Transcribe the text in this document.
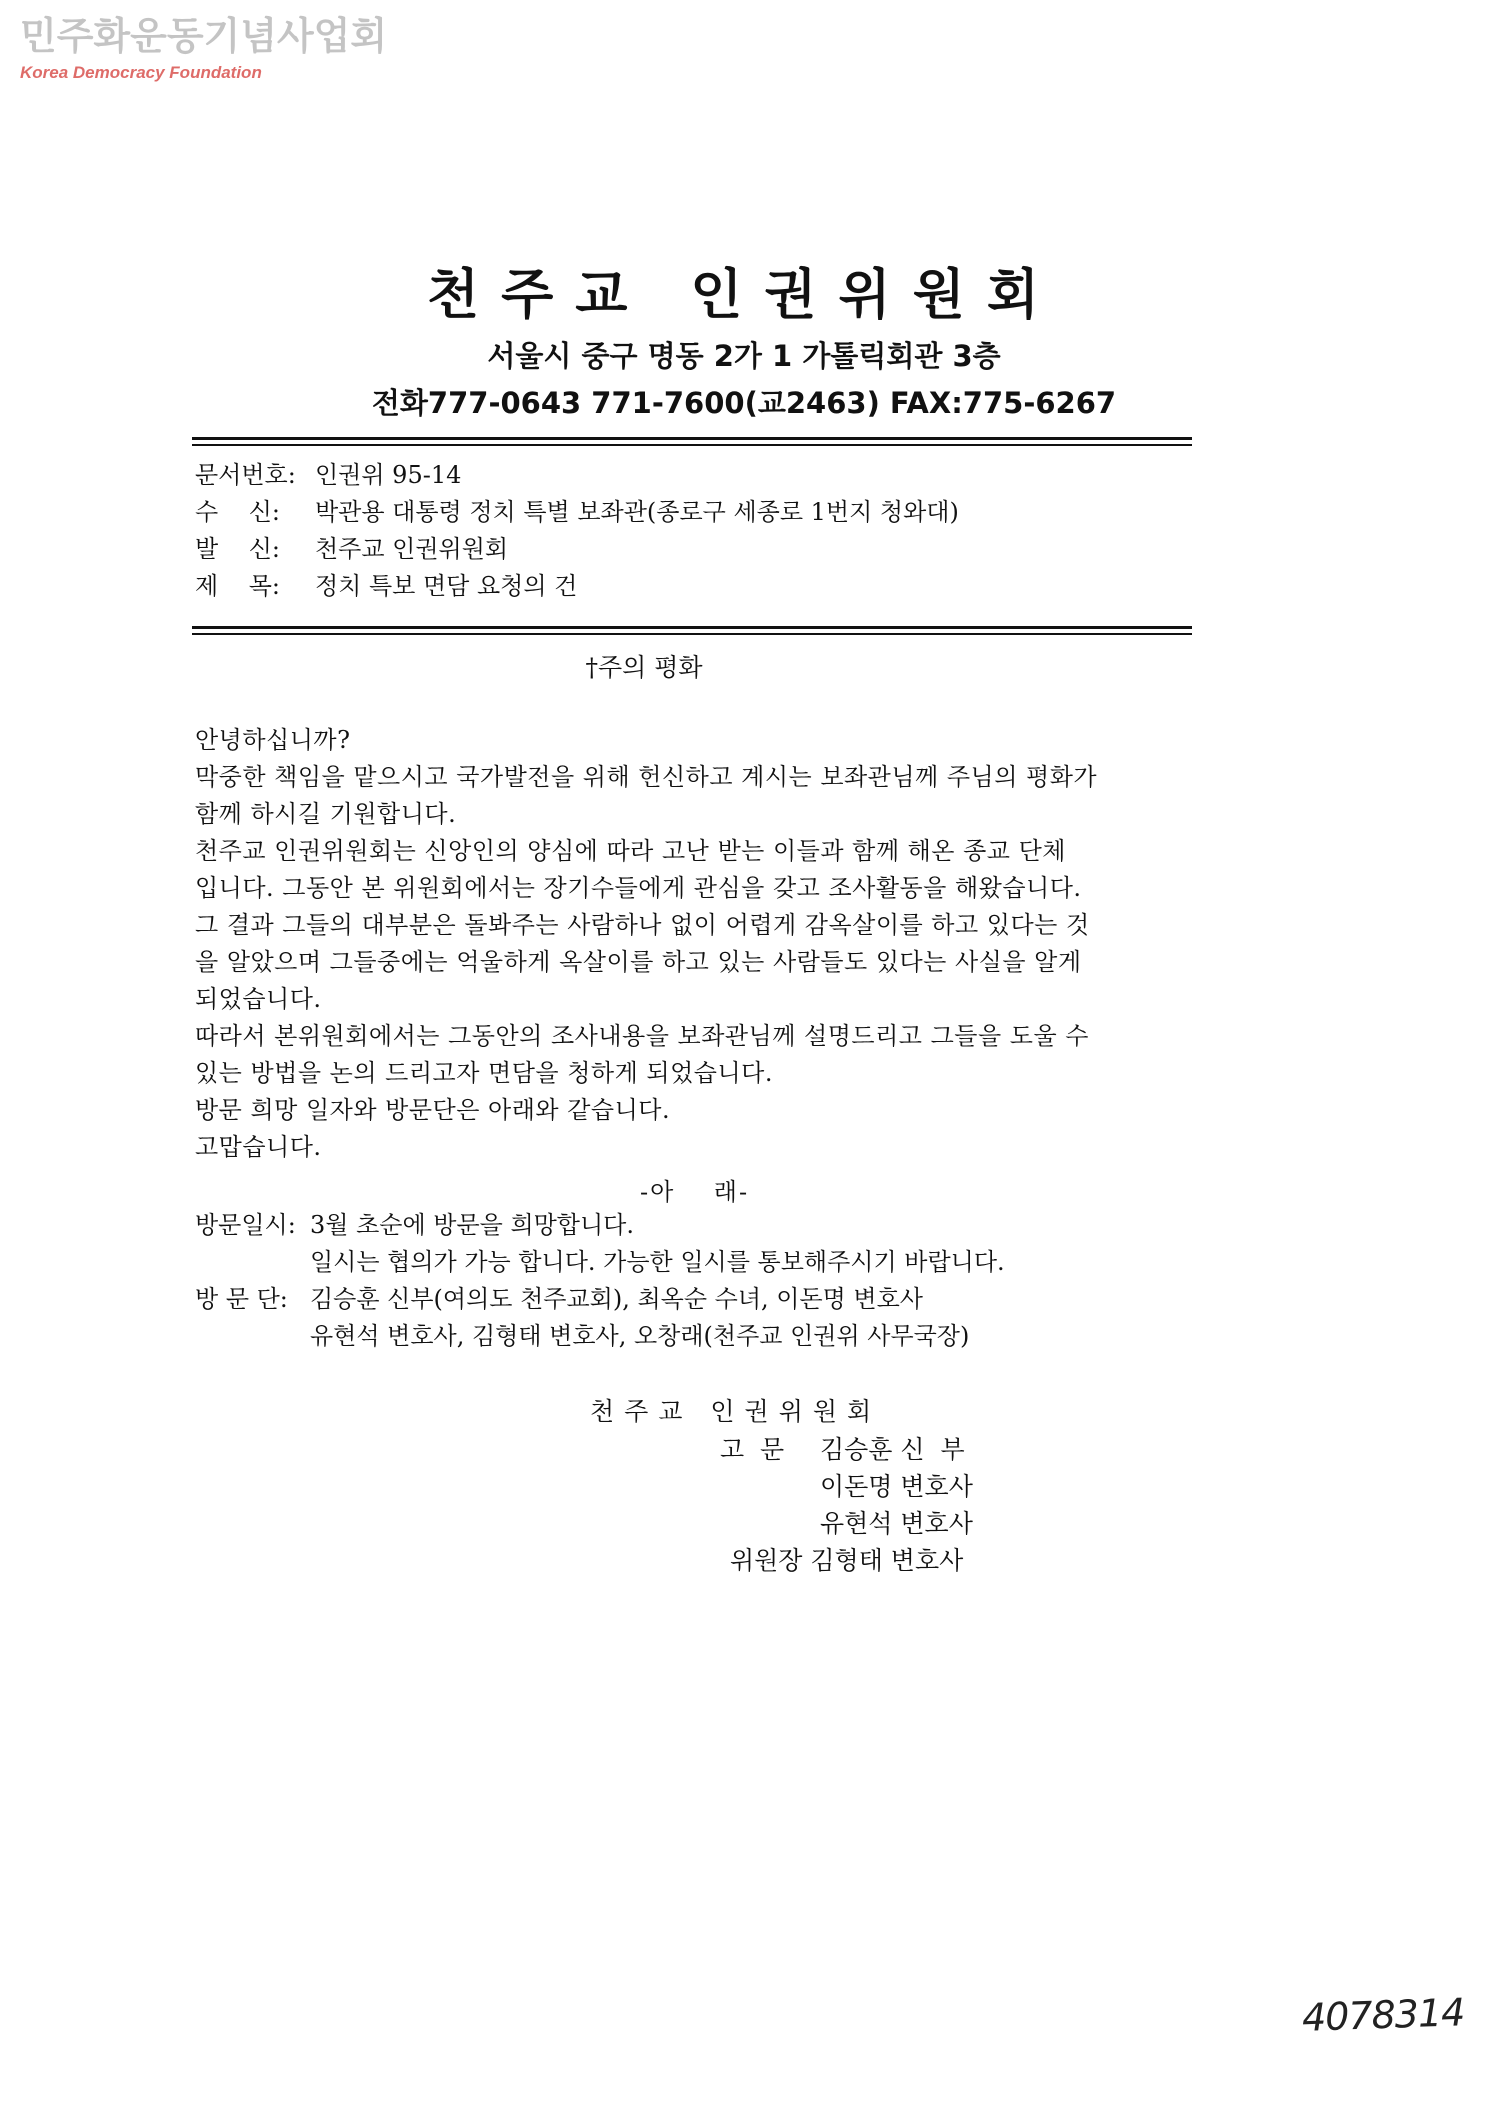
민주화운동기념사업회
Korea Democracy Foundation
천주교 인권위원회
서울시 중구 명동 2가 1 가톨릭회관 3층
전화777-0643 771-7600(교2463) FAX:775-6267
문서번호: 인권위 95-14
수    신:	박관용 대통령 정치 특별 보좌관(종로구 세종로 1번지 청와대)
발    신:	천주교 인권위원회
제    목:	정치 특보 면담 요청의 건
†주의 평화

안녕하십니까?

막중한 책임을 맡으시고 국가발전을 위해 헌신하고 계시는 보좌관님께 주님의 평화가

함께 하시길 기원합니다.

천주교 인권위원회는 신앙인의 양심에 따라 고난 받는 이들과 함께 해온 종교 단체

입니다. 그동안 본 위원회에서는 장기수들에게 관심을 갖고 조사활동을 해왔습니다.

그 결과 그들의 대부분은 돌봐주는 사람하나 없이 어렵게 감옥살이를 하고 있다는 것

을 알았으며 그들중에는 억울하게 옥살이를 하고 있는 사람들도 있다는 사실을 알게

되었습니다.

따라서 본위원회에서는 그동안의 조사내용을 보좌관님께 설명드리고 그들을 도울 수

있는 방법을 논의 드리고자 면담을 청하게 되었습니다.

방문 희망 일자와 방문단은 아래와 같습니다.

고맙습니다.

-아    래-
방문일시: 3월 초순에 방문을 희망합니다.
일시는 협의가 가능 합니다. 가능한 일시를 통보해주시기 바랍니다.
방 문 단: 김승훈 신부(여의도 천주교회), 최옥순 수녀, 이돈명 변호사
유현석 변호사, 김형태 변호사, 오창래(천주교 인권위 사무국장)
천주교 인권위원회
고  문 김승훈 신  부
이돈명 변호사
유현석 변호사
위원장 김형태 변호사
4078314
